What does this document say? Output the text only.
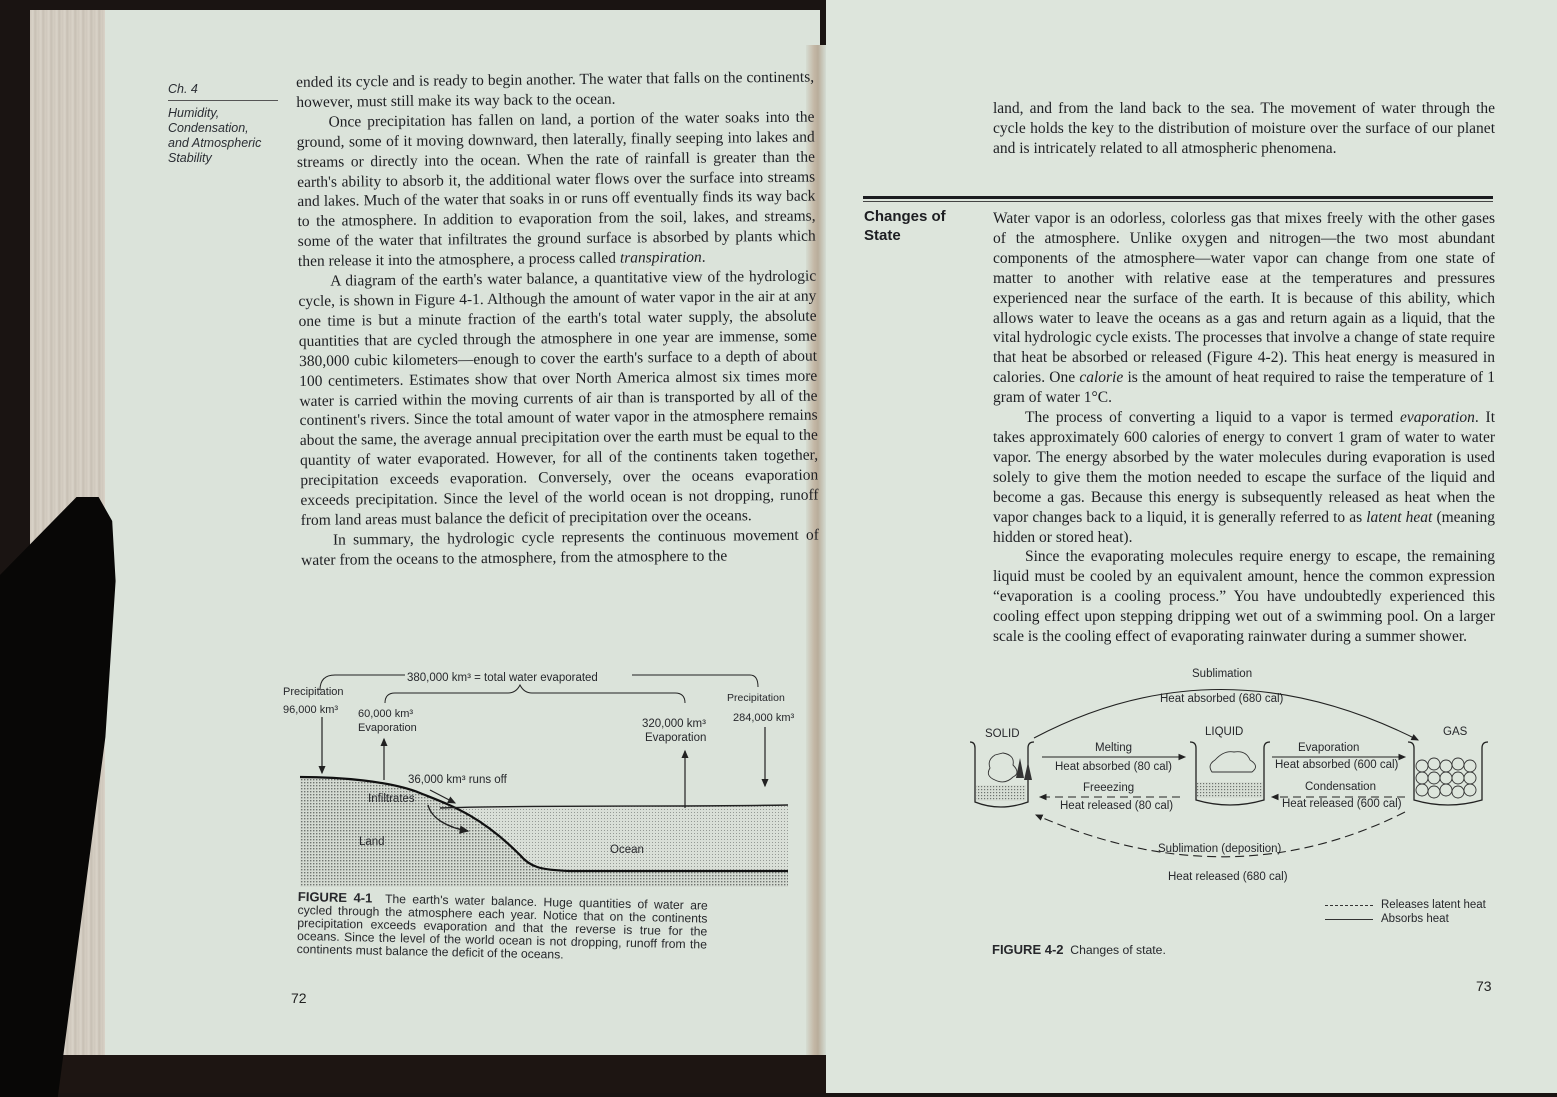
Ch. 4
Humidity,
Condensation,
and Atmospheric
Stability

ended its cycle and is ready to begin another. The water that falls on the continents, however, must still make its way back to the ocean.

Once precipitation has fallen on land, a portion of the water soaks into the ground, some of it moving downward, then laterally, finally seeping into lakes and streams or directly into the ocean. When the rate of rainfall is greater than the earth's ability to absorb it, the additional water flows over the surface into streams and lakes. Much of the water that soaks in or runs off eventually finds its way back to the atmosphere. In addition to evaporation from the soil, lakes, and streams, some of the water that infiltrates the ground surface is absorbed by plants which then release it into the atmosphere, a process called transpiration.

A diagram of the earth's water balance, a quantitative view of the hydrologic cycle, is shown in Figure 4-1. Although the amount of water vapor in the air at any one time is but a minute fraction of the earth's total water supply, the absolute quantities that are cycled through the atmosphere in one year are immense, some 380,000 cubic kilometers—enough to cover the earth's surface to a depth of about 100 centimeters. Estimates show that over North America almost six times more water is carried within the moving currents of air than is transported by all of the continent's rivers. Since the total amount of water vapor in the atmosphere remains about the same, the average annual precipitation over the earth must be equal to the quantity of water evaporated. However, for all of the continents taken together, precipitation exceeds evaporation. Conversely, over the oceans evaporation exceeds precipitation. Since the level of the world ocean is not dropping, runoff from land areas must balance the deficit of precipitation over the oceans.

In summary, the hydrologic cycle represents the continuous movement of water from the oceans to the atmosphere, from the atmosphere to the

380,000 km³ = total water evaporated
Precipitation
96,000 km³ 60,000 km³
Evaporation	320,000 km³
Evaporation
Precipitation
284,000 km³
36,000 km³ runs off
Infiltrates
Land
Ocean
FIGURE 4-1 The earth's water balance. Huge quantities of water are cycled through the atmosphere each year. Notice that on the continents precipitation exceeds evaporation and that the reverse is true for the oceans. Since the level of the world ocean is not dropping, runoff from the continents must balance the deficit of the oceans.
72

land, and from the land back to the sea. The movement of water through the cycle holds the key to the distribution of moisture over the surface of our planet and is intricately related to all atmospheric phenomena.

Changes of
State

Water vapor is an odorless, colorless gas that mixes freely with the other gases of the atmosphere. Unlike oxygen and nitrogen—the two most abundant components of the atmosphere—water vapor can change from one state of matter to another with relative ease at the temperatures and pressures experienced near the surface of the earth. It is because of this ability, which allows water to leave the oceans as a gas and return again as a liquid, that the vital hydrologic cycle exists. The processes that involve a change of state require that heat be absorbed or released (Figure 4-2). This heat energy is measured in calories. One calorie is the amount of heat required to raise the temperature of 1 gram of water 1°C.

The process of converting a liquid to a vapor is termed evaporation. It takes approximately 600 calories of energy to convert 1 gram of water to water vapor. The energy absorbed by the water molecules during evaporation is used solely to give them the motion needed to escape the surface of the liquid and become a gas. Because this energy is subsequently released as heat when the vapor changes back to a liquid, it is generally referred to as latent heat (meaning hidden or stored heat).

Since the evaporating molecules require energy to escape, the remaining liquid must be cooled by an equivalent amount, hence the common expression “evaporation is a cooling process.” You have undoubtedly experienced this cooling effect upon stepping dripping wet out of a swimming pool. On a larger scale is the cooling effect of evaporating rainwater during a summer shower.

Sublimation
Heat absorbed (680 cal)
SOLID	LIQUID	GAS
Melting
Heat absorbed (80 cal)
Freeezing
Heat released (80 cal)
Evaporation
Heat absorbed (600 cal)
Condensation
Heat released (600 cal)
Sublimation (deposition)
Heat released (680 cal)
Releases latent heat
Absorbs heat
FIGURE 4-2 Changes of state.
73
